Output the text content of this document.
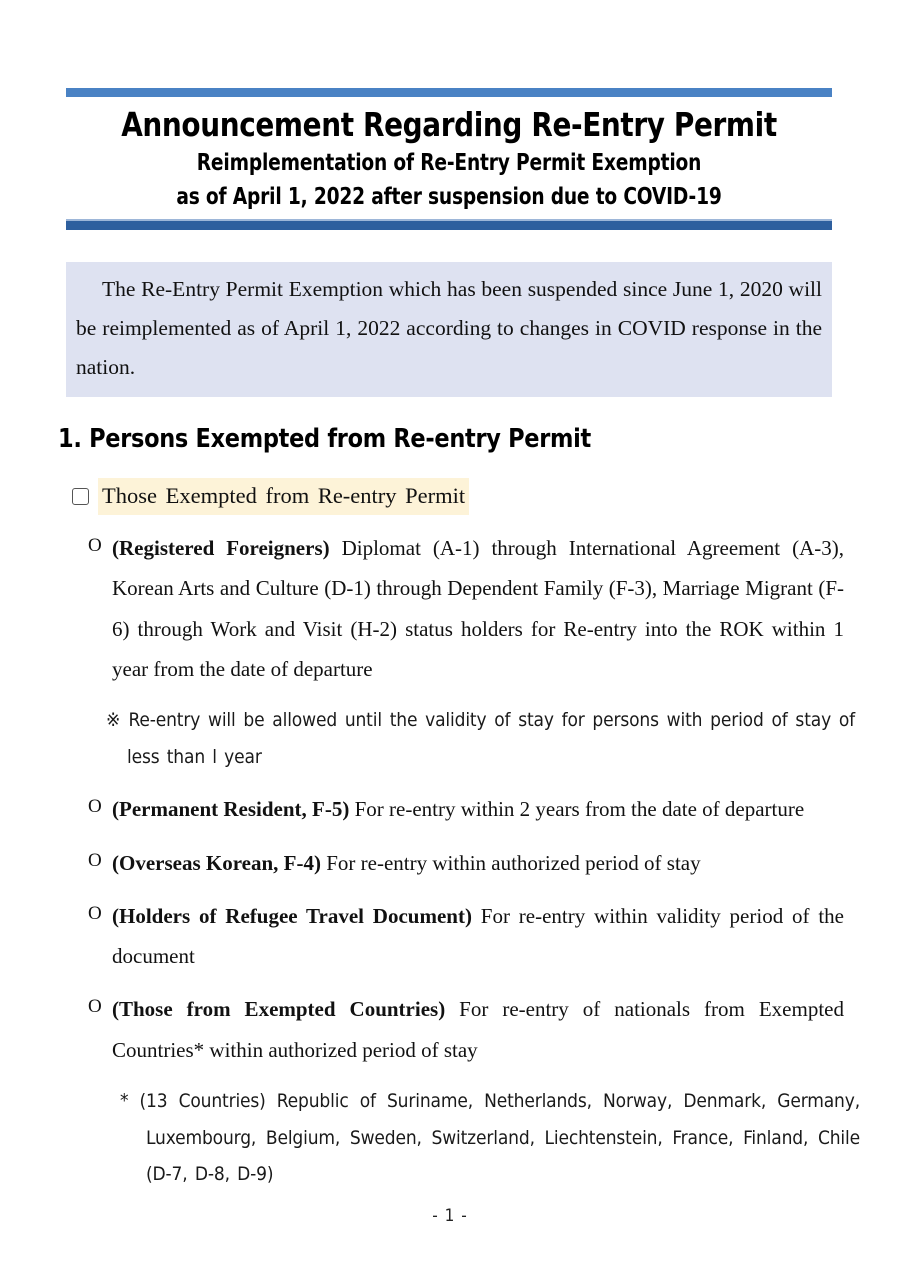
Announcement Regarding Re-Entry Permit
Reimplementation of Re-Entry Permit Exemption
as of April 1, 2022 after suspension due to COVID-19

The Re-Entry Permit Exemption which has been suspended since June 1, 2020 will be reimplemented as of April 1, 2022 according to changes in COVID response in the nation.

1. Persons Exempted from Re-entry Permit
Those Exempted from Re-entry Permit
O (Registered Foreigners) Diplomat (A-1) through International Agreement (A-3), Korean Arts and Culture (D-1) through Dependent Family (F-3), Marriage Migrant (F-6) through Work and Visit (H-2) status holders for Re-entry into the ROK within 1 year from the date of departure
※ Re-entry will be allowed until the validity of stay for persons with period of stay of less than l year
O (Permanent Resident, F-5) For re-entry within 2 years from the date of departure
O (Overseas Korean, F-4) For re-entry within authorized period of stay
O (Holders of Refugee Travel Document) For re-entry within validity period of the document
O (Those from Exempted Countries) For re-entry of nationals from Exempted Countries* within authorized period of stay
* (13 Countries) Republic of Suriname, Netherlands, Norway, Denmark, Germany, Luxembourg, Belgium, Sweden, Switzerland, Liechtenstein, France, Finland, Chile (D-7, D-8, D-9)
- 1 -
